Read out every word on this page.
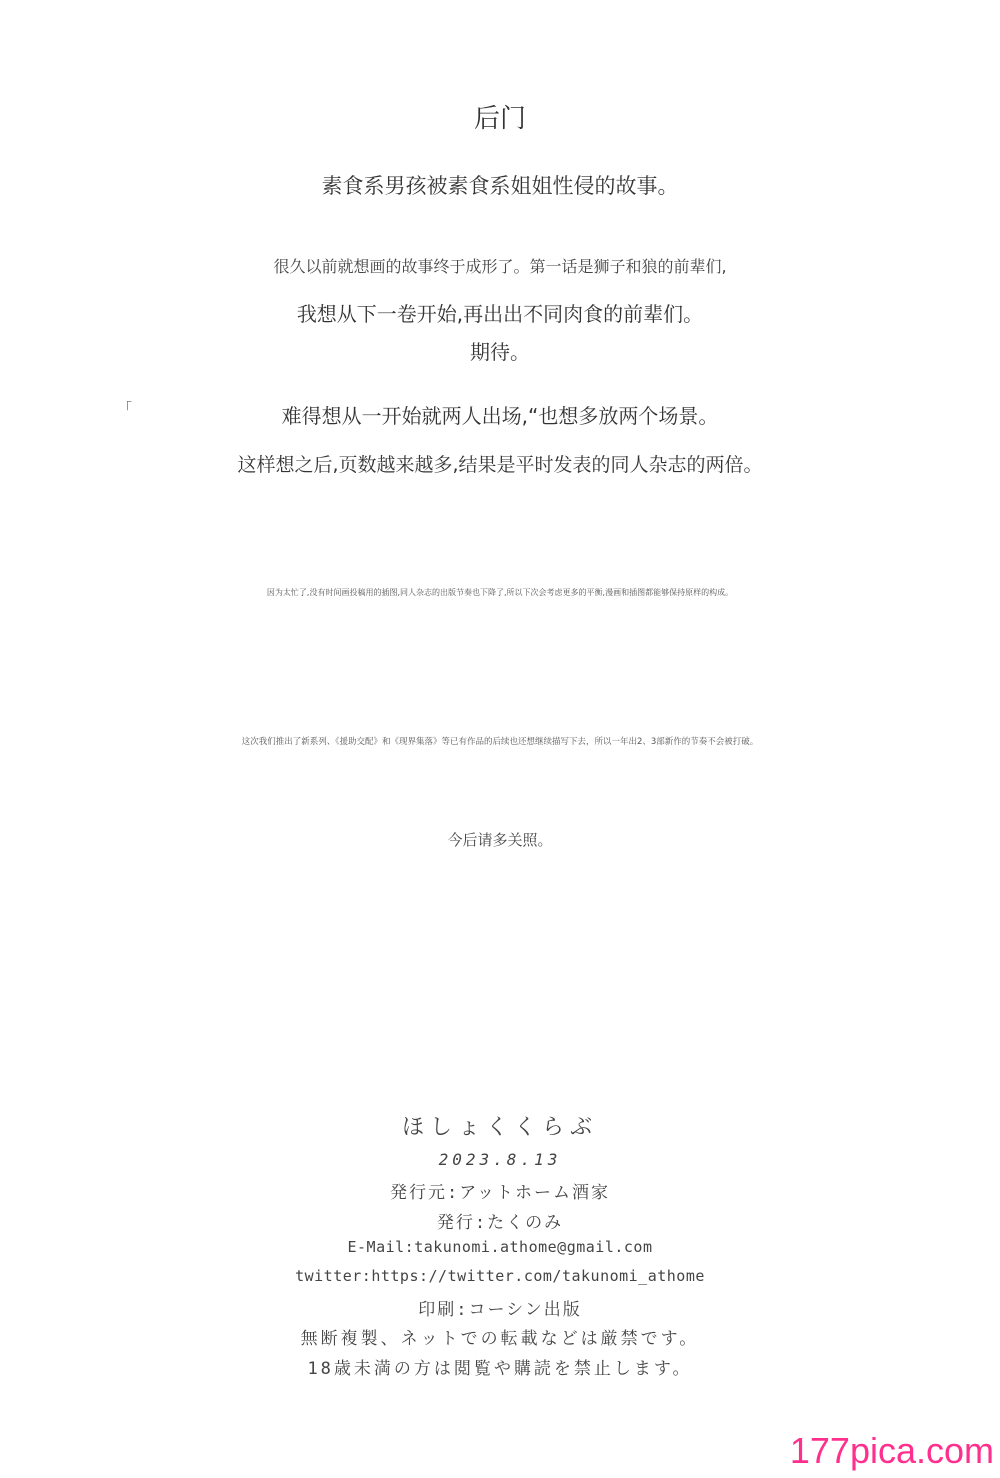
后门
素食系男孩被素食系姐姐性侵的故事。
很久以前就想画的故事终于成形了。第一话是狮子和狼的前辈们,
我想从下一卷开始,再出出不同肉食的前辈们。
期待。
「	难得想从一开始就两人出场,“也想多放两个场景。
这样想之后,页数越来越多,结果是平时发表的同人杂志的两倍。
因为太忙了,没有时间画投稿用的插图,同人杂志的出版节奏也下降了,所以下次会考虑更多的平衡,漫画和插图都能够保持原样的构成。
这次我们推出了新系列、《援助交配》和《现界集落》等已有作品的后续也还想继续描写下去，所以一年出2、3部新作的节奏不会被打破。
今后请多关照。
ほしょくくらぶ
2023.8.13
発行元:アットホーム酒家
発行:たくのみ
E-Mail:takunomi.athome@gmail.com
twitter:https://twitter.com/takunomi_athome
印刷:コーシン出版
無断複製、ネットでの転載などは厳禁です。
18歳未満の方は閲覧や購読を禁止します。
177pica.com
